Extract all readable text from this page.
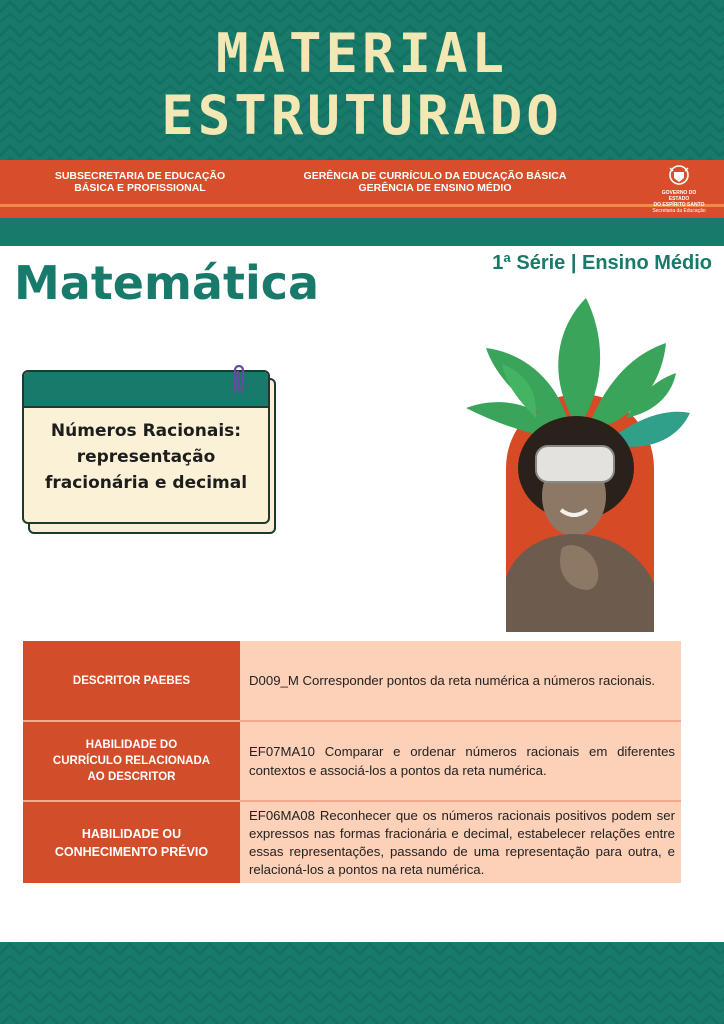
MATERIAL
ESTRUTURADO
SUBSECRETARIA DE EDUCAÇÃO
BÁSICA E PROFISSIONAL
GERÊNCIA DE CURRÍCULO DA EDUCAÇÃO BÁSICA
GERÊNCIA DE ENSINO MÉDIO	GOVERNO DO ESTADO
DO ESPÍRITO SANTO
Secretaria da Educação
1ª Série | Ensino Médio
Matemática
Números Racionais:
representação
fracionária e decimal
DESCRITOR PAEBES	D009_M Corresponder pontos da reta numérica a números racionais.
HABILIDADE DO
CURRÍCULO RELACIONADA
AO DESCRITOR
EF07MA10 Comparar e ordenar números racionais em diferentes contextos e associá-los a pontos da reta numérica.
HABILIDADE OU
CONHECIMENTO PRÉVIO
EF06MA08 Reconhecer que os números racionais positivos podem ser expressos nas formas fracionária e decimal, estabelecer relações entre essas representações, passando de uma representação para outra, e relacioná-los a pontos na reta numérica.
